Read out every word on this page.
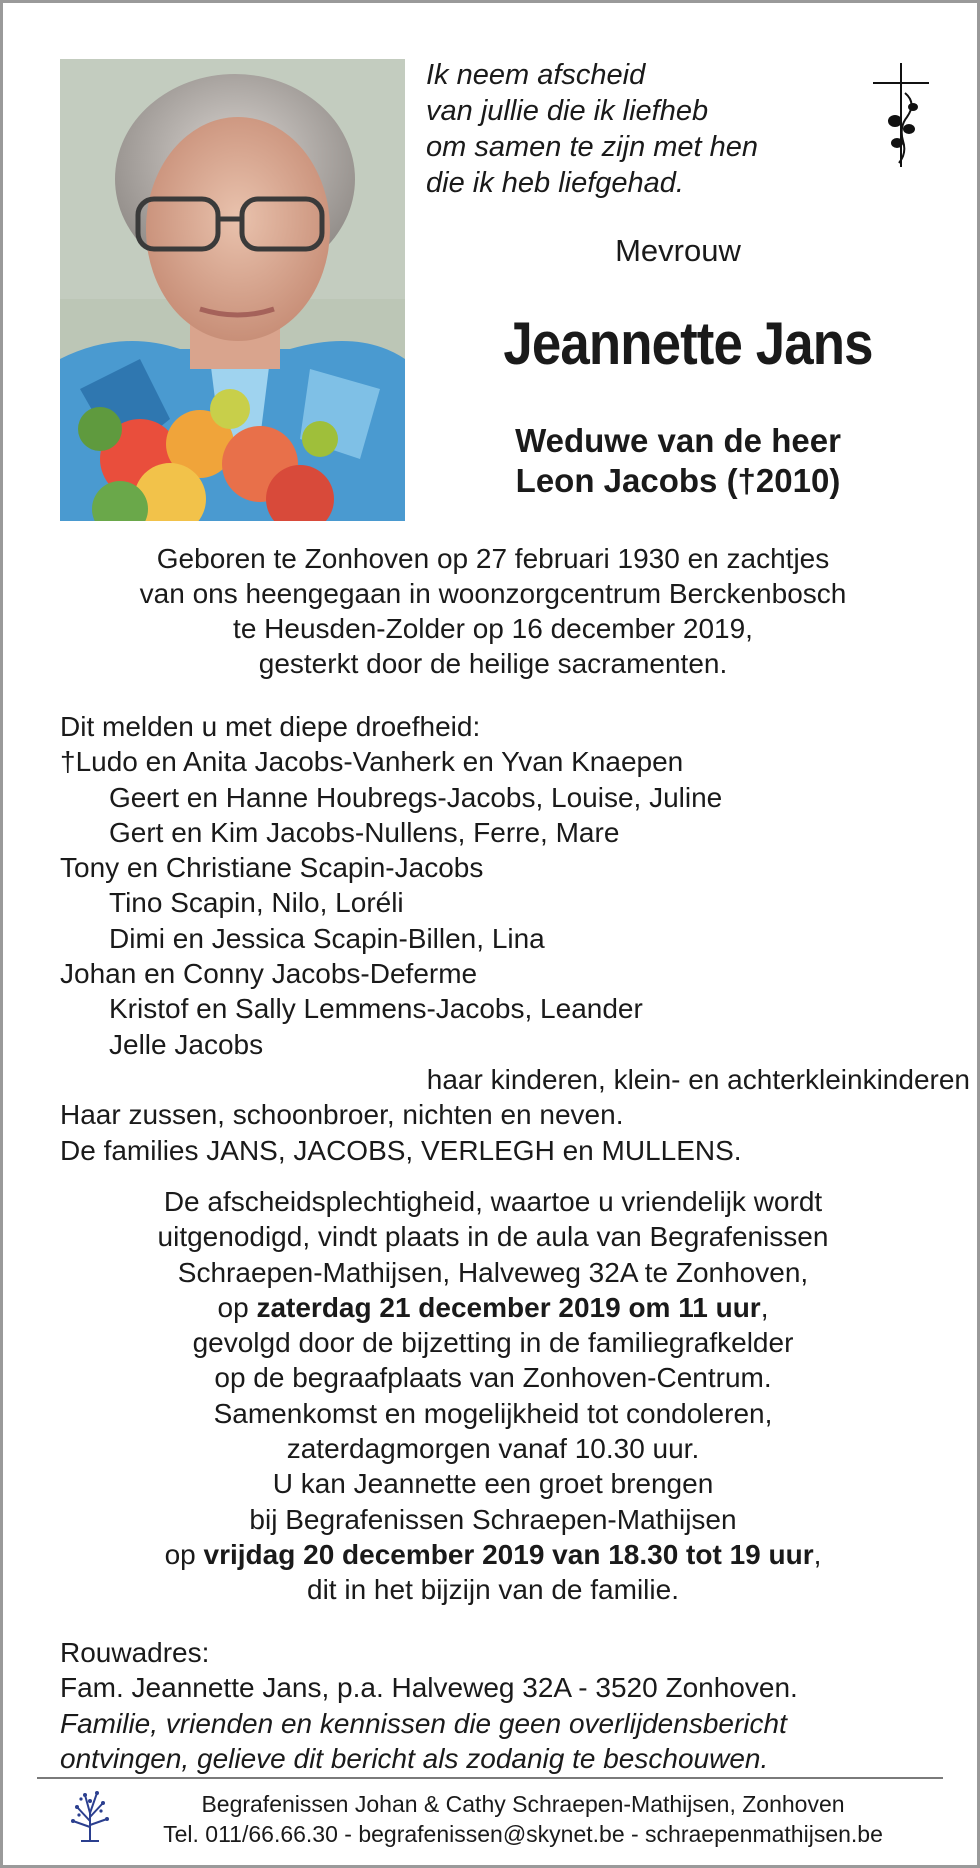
Ik neem afscheid
van jullie die ik liefheb
om samen te zijn met hen
die ik heb liefgehad.
Mevrouw
Jeannette Jans
Weduwe van de heer
Leon Jacobs (†2010)
Geboren te Zonhoven op 27 februari 1930 en zachtjes
van ons heengegaan in woonzorgcentrum Berckenbosch
te Heusden-Zolder op 16 december 2019,
gesterkt door de heilige sacramenten.
Dit melden u met diepe droefheid:
†Ludo en Anita Jacobs-Vanherk en Yvan Knaepen
Geert en Hanne Houbregs-Jacobs, Louise, Juline
Gert en Kim Jacobs-Nullens, Ferre, Mare
Tony en Christiane Scapin-Jacobs
Tino Scapin, Nilo, Loréli
Dimi en Jessica Scapin-Billen, Lina
Johan en Conny Jacobs-Deferme
Kristof en Sally Lemmens-Jacobs, Leander
Jelle Jacobs
haar kinderen, klein- en achterkleinkinderen
Haar zussen, schoonbroer, nichten en neven.
De families JANS, JACOBS, VERLEGH en MULLENS.
De afscheidsplechtigheid, waartoe u vriendelijk wordt
uitgenodigd, vindt plaats in de aula van Begrafenissen
Schraepen-Mathijsen, Halveweg 32A te Zonhoven,
op zaterdag 21 december 2019 om 11 uur,
gevolgd door de bijzetting in de familiegrafkelder
op de begraafplaats van Zonhoven-Centrum.
Samenkomst en mogelijkheid tot condoleren,
zaterdagmorgen vanaf 10.30 uur.
U kan Jeannette een groet brengen
bij Begrafenissen Schraepen-Mathijsen
op vrijdag 20 december 2019 van 18.30 tot 19 uur,
dit in het bijzijn van de familie.
Rouwadres:
Fam. Jeannette Jans, p.a. Halveweg 32A - 3520 Zonhoven.
Familie, vrienden en kennissen die geen overlijdensbericht
ontvingen, gelieve dit bericht als zodanig te beschouwen.
Begrafenissen Johan & Cathy Schraepen-Mathijsen, Zonhoven
Tel. 011/66.66.30 - begrafenissen@skynet.be - schraepenmathijsen.be
